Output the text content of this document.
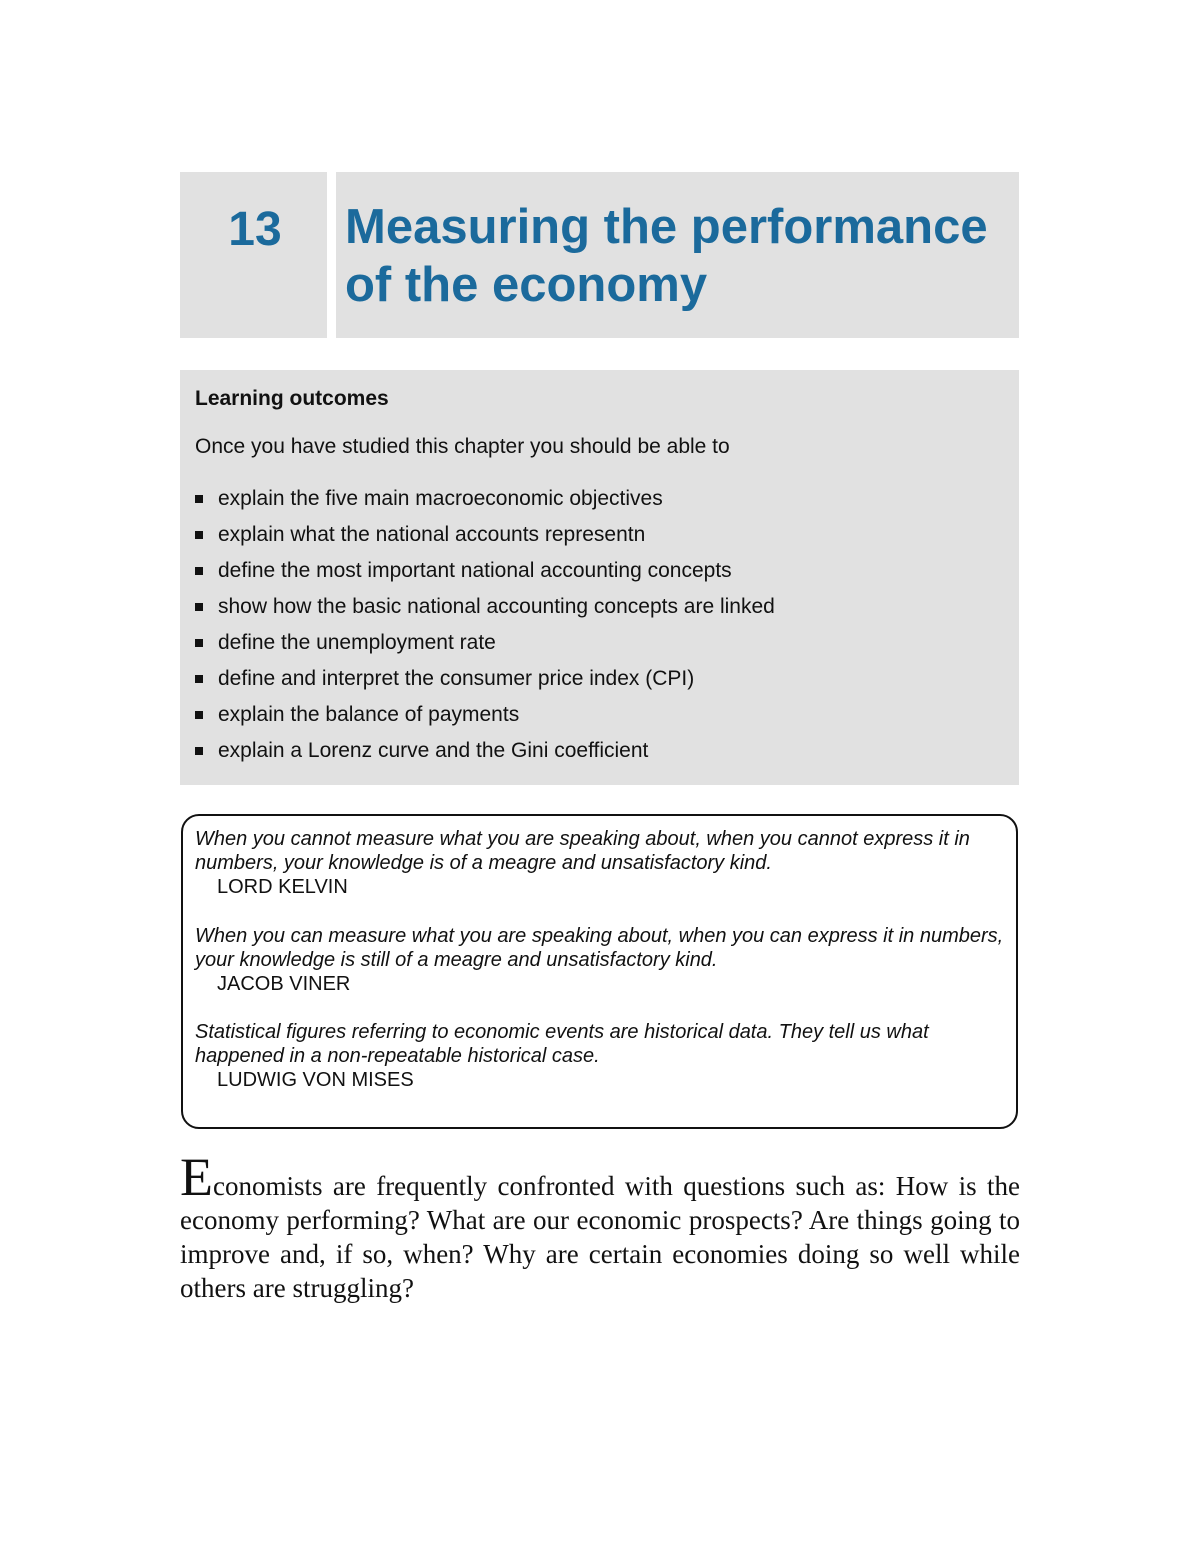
13	Measuring the performance of the economy
Learning outcomes
Once you have studied this chapter you should be able to
explain the five main macroeconomic objectives
explain what the national accounts representn
define the most important national accounting concepts
show how the basic national accounting concepts are linked
define the unemployment rate
define and interpret the consumer price index (CPI)
explain the balance of payments
explain a Lorenz curve and the Gini coefficient

When you cannot measure what you are speaking about, when you cannot express it in numbers, your knowledge is of a meagre and unsatisfactory kind.

LORD KELVIN

When you can measure what you are speaking about, when you can express it in numbers, your knowledge is still of a meagre and unsatisfactory kind.

JACOB VINER

Statistical figures referring to economic events are historical data. They tell us what happened in a non-repeatable historical case.

LUDWIG VON MISES

Economists are frequently confronted with questions such as: How is the economy performing? What are our economic prospects? Are things going to improve and, if so, when? Why are certain economies doing so well while others are struggling?
